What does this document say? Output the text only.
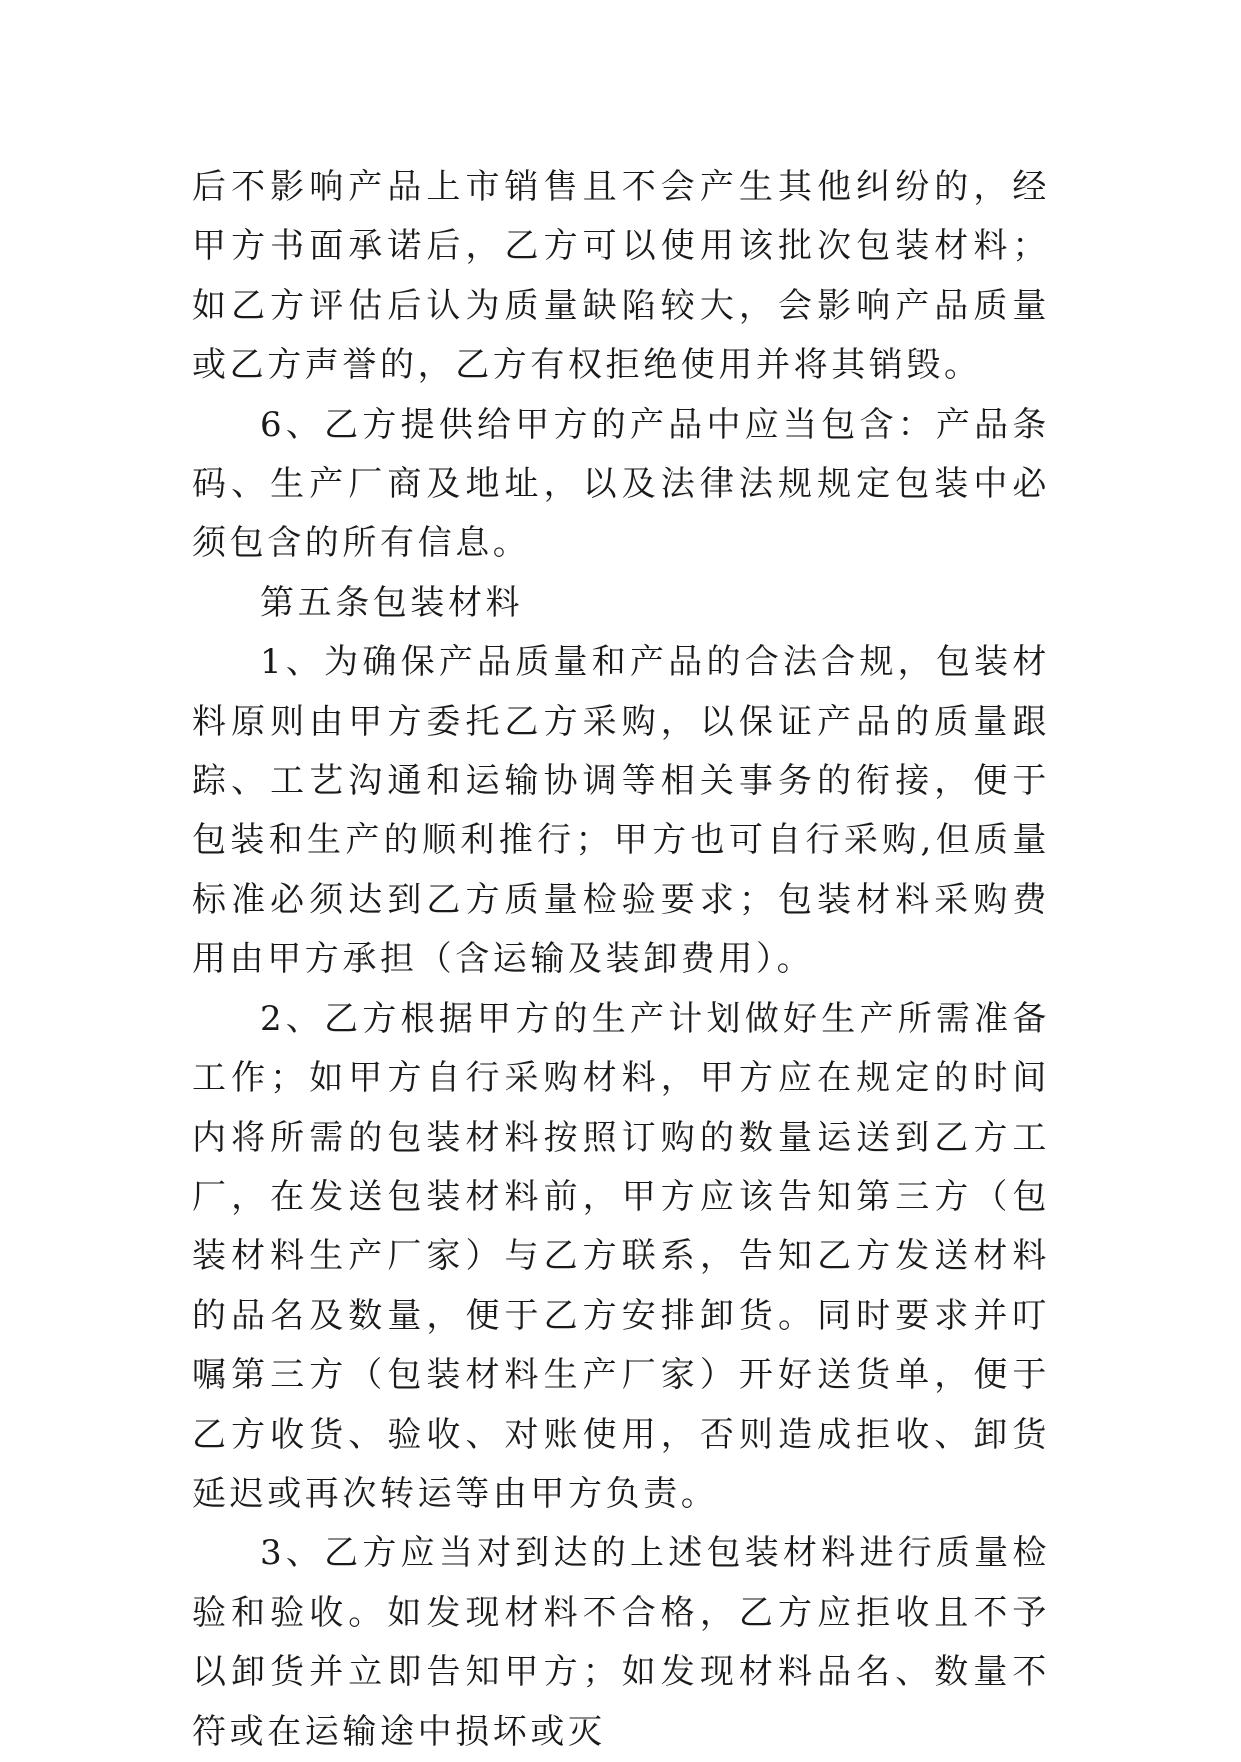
后不影响产品上市销售且不会产生其他纠纷的，经甲方书面承诺后，乙方可以使用该批次包装材料；如乙方评估后认为质量缺陷较大，会影响产品质量或乙方声誉的，乙方有权拒绝使用并将其销毁。

6、乙方提供给甲方的产品中应当包含：产品条码、生产厂商及地址，以及法律法规规定包装中必须包含的所有信息。

第五条包装材料

1、为确保产品质量和产品的合法合规，包装材料原则由甲方委托乙方采购，以保证产品的质量跟踪、工艺沟通和运输协调等相关事务的衔接，便于包装和生产的顺利推行；甲方也可自行采购,但质量标准必须达到乙方质量检验要求；包装材料采购费用由甲方承担（含运输及装卸费用）。

2、乙方根据甲方的生产计划做好生产所需准备工作；如甲方自行采购材料，甲方应在规定的时间内将所需的包装材料按照订购的数量运送到乙方工厂，在发送包装材料前，甲方应该告知第三方（包装材料生产厂家）与乙方联系，告知乙方发送材料的品名及数量，便于乙方安排卸货。同时要求并叮嘱第三方（包装材料生产厂家）开好送货单，便于乙方收货、验收、对账使用，否则造成拒收、卸货延迟或再次转运等由甲方负责。

3、乙方应当对到达的上述包装材料进行质量检验和验收。如发现材料不合格，乙方应拒收且不予以卸货并立即告知甲方；如发现材料品名、数量不符或在运输途中损坏或灭
